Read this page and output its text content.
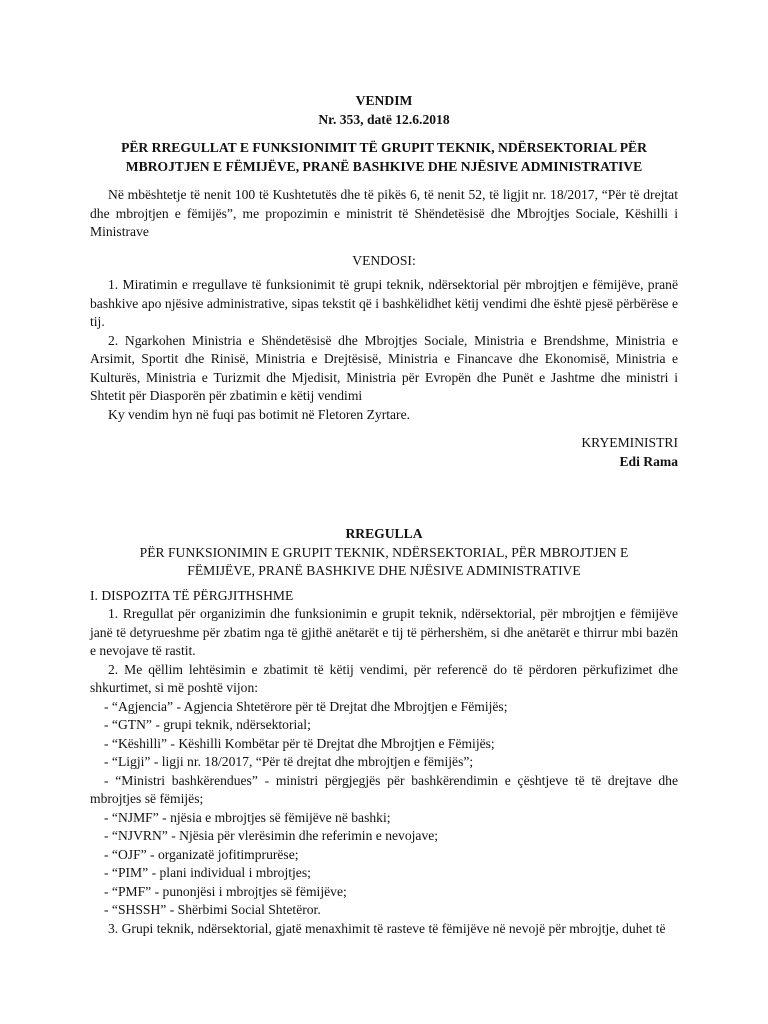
VENDIM

Nr. 353, datë 12.6.2018

PËR RREGULLAT E FUNKSIONIMIT TË GRUPIT TEKNIK, NDËRSEKTORIAL PËR MBROJTJEN E FËMIJËVE, PRANË BASHKIVE DHE NJËSIVE ADMINISTRATIVE

Në mbështetje të nenit 100 të Kushtetutës dhe të pikës 6, të nenit 52, të ligjit nr. 18/2017, “Për të drejtat dhe mbrojtjen e fëmijës”, me propozimin e ministrit të Shëndetësisë dhe Mbrojtjes Sociale, Këshilli i Ministrave

VENDOSI:

1. Miratimin e rregullave të funksionimit të grupi teknik, ndërsektorial për mbrojtjen e fëmijëve, pranë bashkive apo njësive administrative, sipas tekstit që i bashkëlidhet këtij vendimi dhe është pjesë përbërëse e tij.

2. Ngarkohen Ministria e Shëndetësisë dhe Mbrojtjes Sociale, Ministria e Brendshme, Ministria e Arsimit, Sportit dhe Rinisë, Ministria e Drejtësisë, Ministria e Financave dhe Ekonomisë, Ministria e Kulturës, Ministria e Turizmit dhe Mjedisit, Ministria për Evropën dhe Punët e Jashtme dhe ministri i Shtetit për Diasporën për zbatimin e këtij vendimi

Ky vendim hyn në fuqi pas botimit në Fletoren Zyrtare.

KRYEMINISTRI

Edi Rama

RREGULLA

PËR FUNKSIONIMIN E GRUPIT TEKNIK, NDËRSEKTORIAL, PËR MBROJTJEN E FËMIJËVE, PRANË BASHKIVE DHE NJËSIVE ADMINISTRATIVE

I. DISPOZITA TË PËRGJITHSHME

1. Rregullat për organizimin dhe funksionimin e grupit teknik, ndërsektorial, për mbrojtjen e fëmijëve janë të detyrueshme për zbatim nga të gjithë anëtarët e tij të përhershëm, si dhe anëtarët e thirrur mbi bazën e nevojave të rastit.

2. Me qëllim lehtësimin e zbatimit të këtij vendimi, për referencë do të përdoren përkufizimet dhe shkurtimet, si më poshtë vijon:

- “Agjencia” - Agjencia Shtetërore për të Drejtat dhe Mbrojtjen e Fëmijës;
- “GTN” - grupi teknik, ndërsektorial;
- “Këshilli” - Këshilli Kombëtar për të Drejtat dhe Mbrojtjen e Fëmijës;
- “Ligji” - ligji nr. 18/2017, “Për të drejtat dhe mbrojtjen e fëmijës”;
- “Ministri bashkërendues” - ministri përgjegjës për bashkërendimin e çështjeve të të drejtave dhe mbrojtjes së fëmijës;
- “NJMF” - njësia e mbrojtjes së fëmijëve në bashki;
- “NJVRN” - Njësia për vlerësimin dhe referimin e nevojave;
- “OJF” - organizatë jofitimprurëse;
- “PIM” - plani individual i mbrojtjes;
- “PMF” - punonjësi i mbrojtjes së fëmijëve;
- “SHSSH” - Shërbimi Social Shtetëror.

3. Grupi teknik, ndërsektorial, gjatë menaxhimit të rasteve të fëmijëve në nevojë për mbrojtje, duhet të
